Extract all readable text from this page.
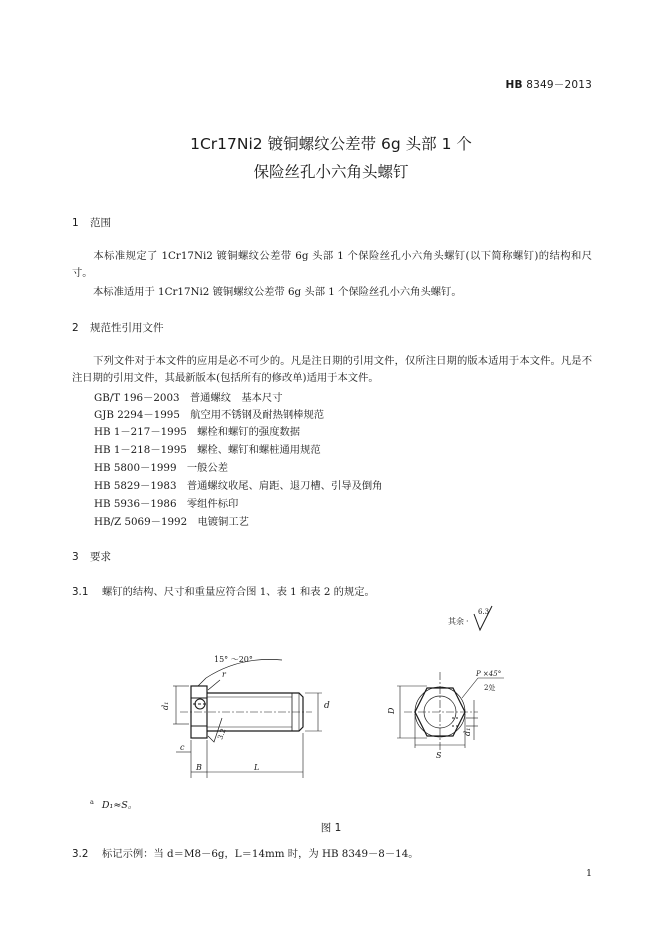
HB 8349－2013
1Cr17Ni2 镀铜螺纹公差带 6g 头部 1 个
保险丝孔小六角头螺钉
1 范围
本标准规定了 1Cr17Ni2 镀铜螺纹公差带 6g 头部 1 个保险丝孔小六角头螺钉(以下简称螺钉)的结构和尺寸。
本标准适用于 1Cr17Ni2 镀铜螺纹公差带 6g 头部 1 个保险丝孔小六角头螺钉。
2 规范性引用文件
下列文件对于本文件的应用是必不可少的。凡是注日期的引用文件，仅所注日期的版本适用于本文件。凡是不注日期的引用文件，其最新版本(包括所有的修改单)适用于本文件。
GB/T 196－2003　 普通螺纹　基本尺寸
GJB 2294－1995　 航空用不锈钢及耐热钢棒规范
HB 1－217－1995　 螺栓和螺钉的强度数据
HB 1－218－1995　 螺栓、螺钉和螺桩通用规范
HB 5800－1999　 一般公差
HB 5829－1983　 普通螺纹收尾、肩距、退刀槽、引导及倒角
HB 5936－1986　 零组件标印
HB/Z 5069－1992　 电镀铜工艺
3 要求
3.1 螺钉的结构、尺寸和重量应符合图 1、表 1 和表 2 的规定。
其余 ·
6.3
15° ～20°
r
d₁	d
3.2
c
B	L
D
S
d₁
P ×45°
2处
$^a$ D₁≈S。
图 1
3.2 标记示例：当 d＝M8－6g，L＝14mm 时，为 HB 8349－8－14。
1
